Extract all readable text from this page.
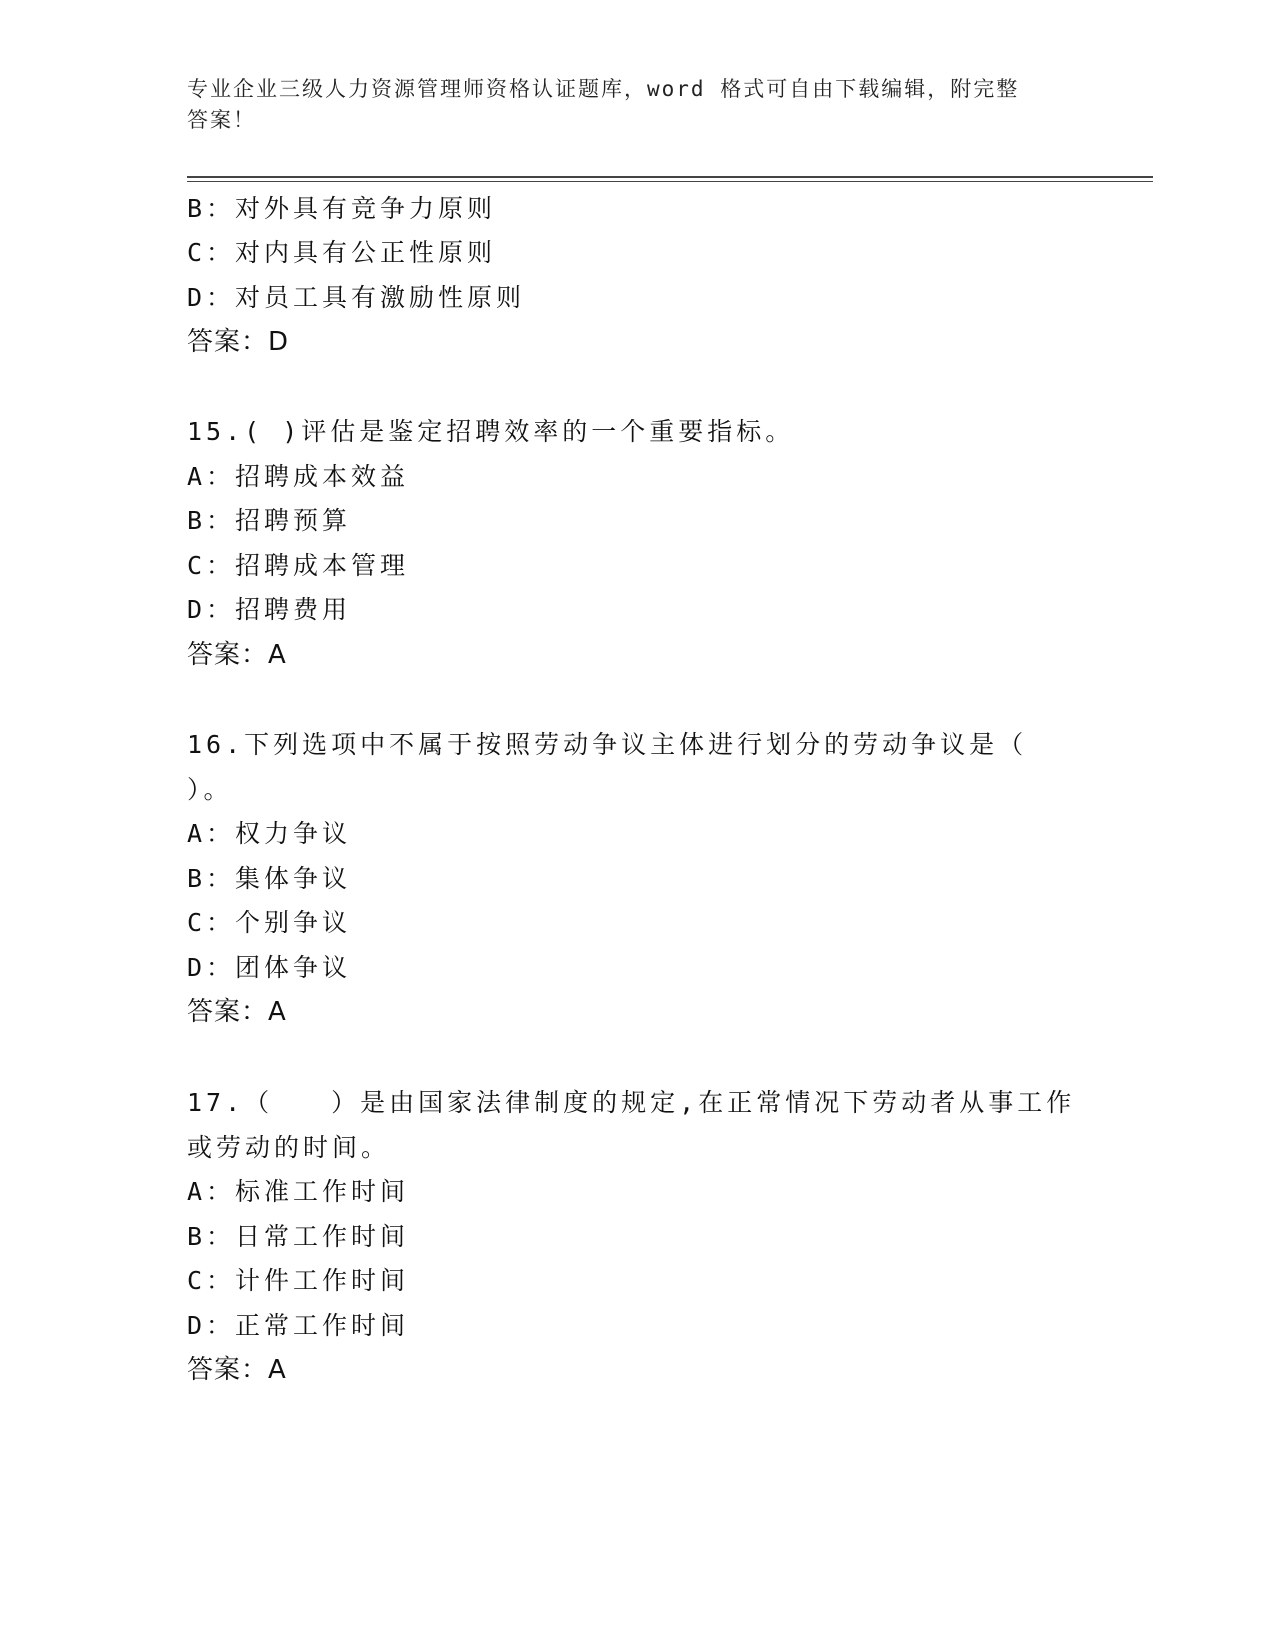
专业企业三级人力资源管理师资格认证题库，word 格式可自由下载编辑，附完整
答案！
B：对外具有竞争力原则
C：对内具有公正性原则
D：对员工具有激励性原则
答案：D
15.( )评估是鉴定招聘效率的一个重要指标。
A：招聘成本效益
B：招聘预算
C：招聘成本管理
D：招聘费用
答案：A
16.下列选项中不属于按照劳动争议主体进行划分的劳动争议是（
）。
A：权力争议
B：集体争议
C：个别争议
D：团体争议
答案：A
17.（　　）是由国家法律制度的规定,在正常情况下劳动者从事工作
或劳动的时间。
A：标准工作时间
B：日常工作时间
C：计件工作时间
D：正常工作时间
答案：A
